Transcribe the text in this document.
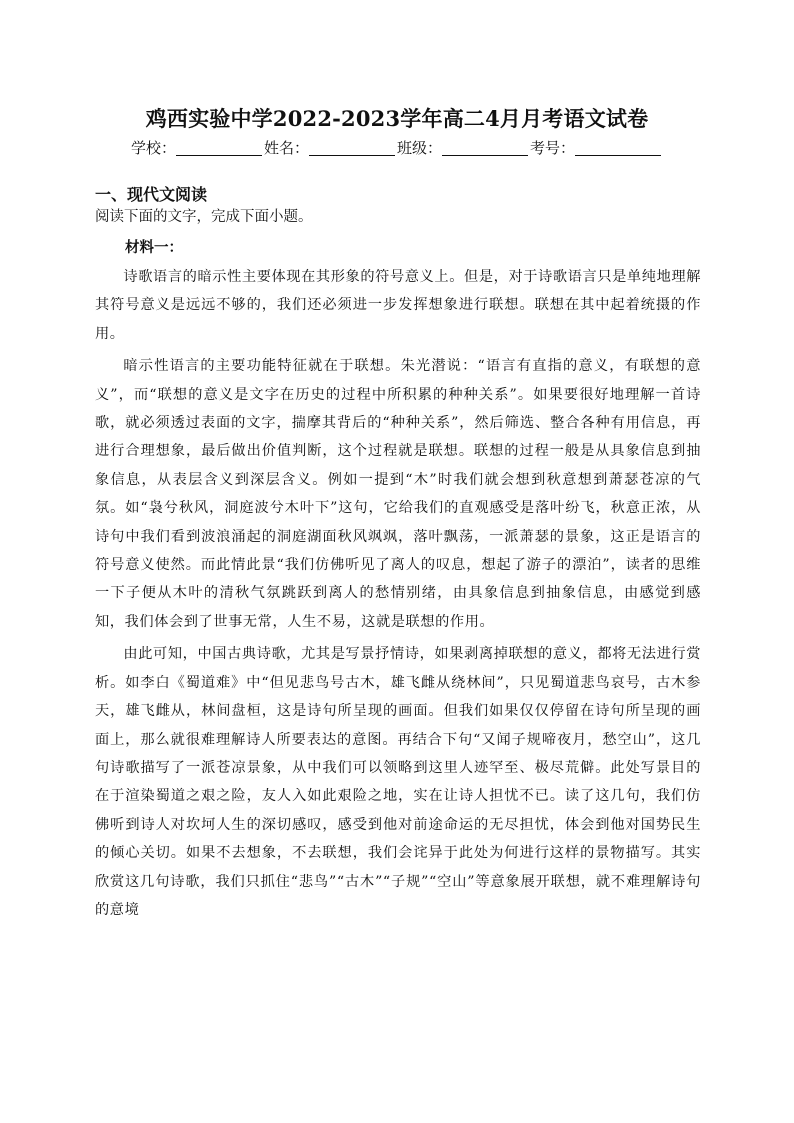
鸡西实验中学2022-2023学年高二4月月考语文试卷
学校：	姓名：	班级：	考号：
一、现代文阅读
阅读下面的文字，完成下面小题。
材料一：

诗歌语言的暗示性主要体现在其形象的符号意义上。但是，对于诗歌语言只是单纯地理解其符号意义是远远不够的，我们还必须进一步发挥想象进行联想。联想在其中起着统摄的作用。

暗示性语言的主要功能特征就在于联想。朱光潜说：“语言有直指的意义，有联想的意义”，而“联想的意义是文字在历史的过程中所积累的种种关系”。如果要很好地理解一首诗歌，就必须透过表面的文字，揣摩其背后的“种种关系”，然后筛选、整合各种有用信息，再进行合理想象，最后做出价值判断，这个过程就是联想。联想的过程一般是从具象信息到抽象信息，从表层含义到深层含义。例如一提到“木”时我们就会想到秋意想到萧瑟苍凉的气氛。如“袅兮秋风，洞庭波兮木叶下”这句，它给我们的直观感受是落叶纷飞，秋意正浓，从诗句中我们看到波浪涌起的洞庭湖面秋风飒飒，落叶飘荡，一派萧瑟的景象，这正是语言的符号意义使然。而此情此景“我们仿佛听见了离人的叹息，想起了游子的漂泊”，读者的思维一下子便从木叶的清秋气氛跳跃到离人的愁情别绪，由具象信息到抽象信息，由感觉到感知，我们体会到了世事无常，人生不易，这就是联想的作用。

由此可知，中国古典诗歌，尤其是写景抒情诗，如果剥离掉联想的意义，都将无法进行赏析。如李白《蜀道难》中“但见悲鸟号古木，雄飞雌从绕林间”，只见蜀道悲鸟哀号，古木参天，雄飞雌从，林间盘桓，这是诗句所呈现的画面。但我们如果仅仅停留在诗句所呈现的画面上，那么就很难理解诗人所要表达的意图。再结合下句“又闻子规啼夜月，愁空山”，这几句诗歌描写了一派苍凉景象，从中我们可以领略到这里人迹罕至、极尽荒僻。此处写景目的在于渲染蜀道之艰之险，友人入如此艰险之地，实在让诗人担忧不已。读了这几句，我们仿佛听到诗人对坎坷人生的深切感叹，感受到他对前途命运的无尽担忧，体会到他对国势民生的倾心关切。如果不去想象，不去联想，我们会诧异于此处为何进行这样的景物描写。其实欣赏这几句诗歌，我们只抓住“悲鸟”“古木”“子规”“空山”等意象展开联想，就不难理解诗句的意境
